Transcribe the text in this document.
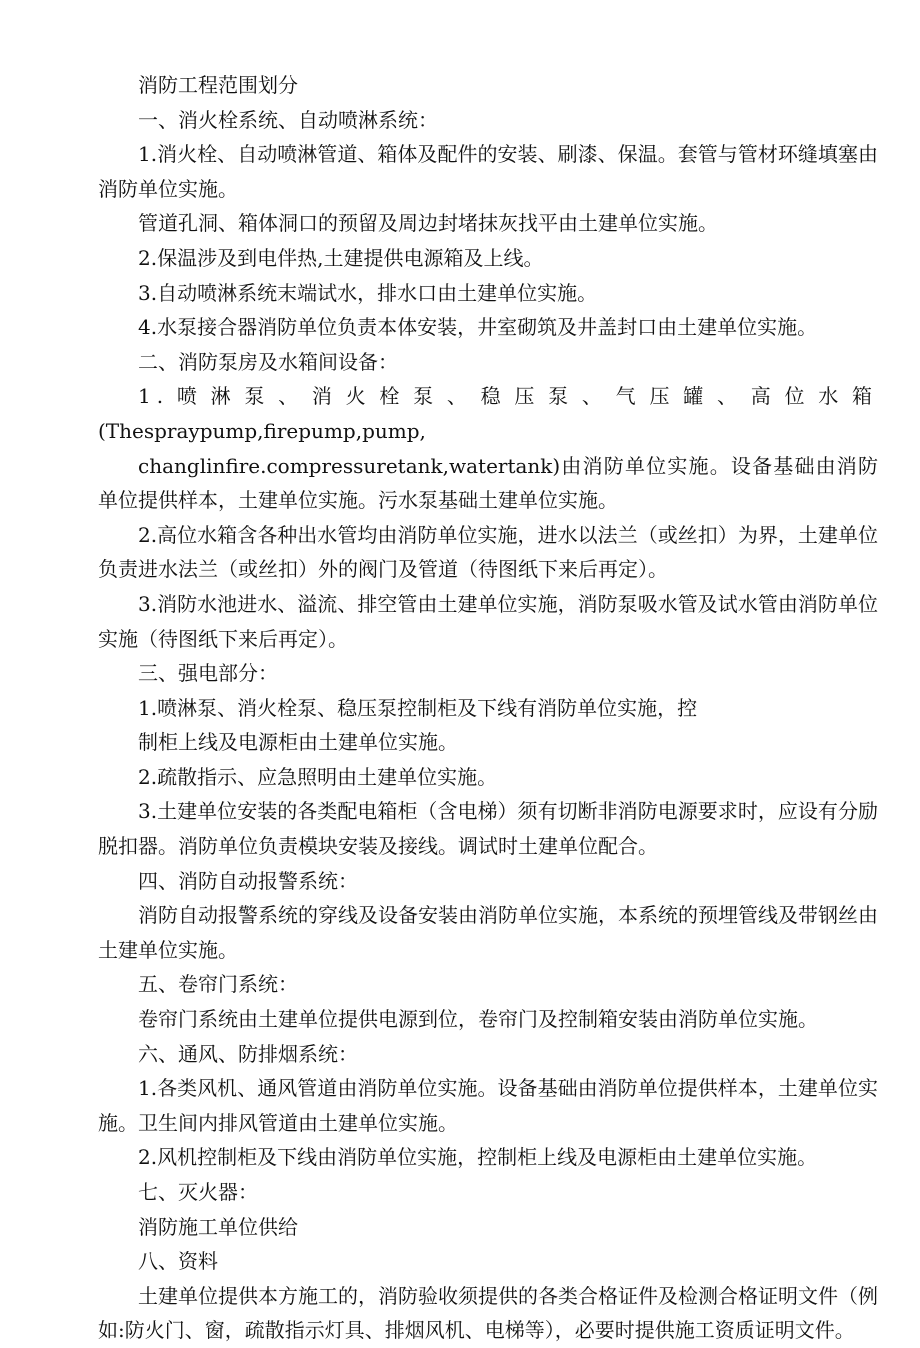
消防工程范围划分

一、消火栓系统、自动喷淋系统：

1.消火栓、自动喷淋管道、箱体及配件的安装、刷漆、保温。套管与管材环缝填塞由消防单位实施。

管道孔洞、箱体洞口的预留及周边封堵抹灰找平由土建单位实施。

2.保温涉及到电伴热,土建提供电源箱及上线。

3.自动喷淋系统末端试水，排水口由土建单位实施。

4.水泵接合器消防单位负责本体安装，井室砌筑及井盖封口由土建单位实施。

二、消防泵房及水箱间设备：

1.喷淋泵、消火栓泵、稳压泵、气压罐、高位水箱

(Thespraypump,firepump,pump,

changlinfire.compressuretank,watertank)由消防单位实施。设备基础由消防单位提供样本，土建单位实施。污水泵基础土建单位实施。

2.高位水箱含各种出水管均由消防单位实施，进水以法兰（或丝扣）为界，土建单位负责进水法兰（或丝扣）外的阀门及管道（待图纸下来后再定）。

3.消防水池进水、溢流、排空管由土建单位实施，消防泵吸水管及试水管由消防单位实施（待图纸下来后再定）。

三、强电部分：

1.喷淋泵、消火栓泵、稳压泵控制柜及下线有消防单位实施，控

制柜上线及电源柜由土建单位实施。

2.疏散指示、应急照明由土建单位实施。

3.土建单位安装的各类配电箱柜（含电梯）须有切断非消防电源要求时，应设有分励脱扣器。消防单位负责模块安装及接线。调试时土建单位配合。

四、消防自动报警系统：

消防自动报警系统的穿线及设备安装由消防单位实施，本系统的预埋管线及带钢丝由土建单位实施。

五、卷帘门系统：

卷帘门系统由土建单位提供电源到位，卷帘门及控制箱安装由消防单位实施。

六、通风、防排烟系统：

1.各类风机、通风管道由消防单位实施。设备基础由消防单位提供样本，土建单位实施。卫生间内排风管道由土建单位实施。

2.风机控制柜及下线由消防单位实施，控制柜上线及电源柜由土建单位实施。

七、灭火器：

消防施工单位供给

八、资料

土建单位提供本方施工的，消防验收须提供的各类合格证件及检测合格证明文件（例如:防火门、窗，疏散指示灯具、排烟风机、电梯等），必要时提供施工资质证明文件。
